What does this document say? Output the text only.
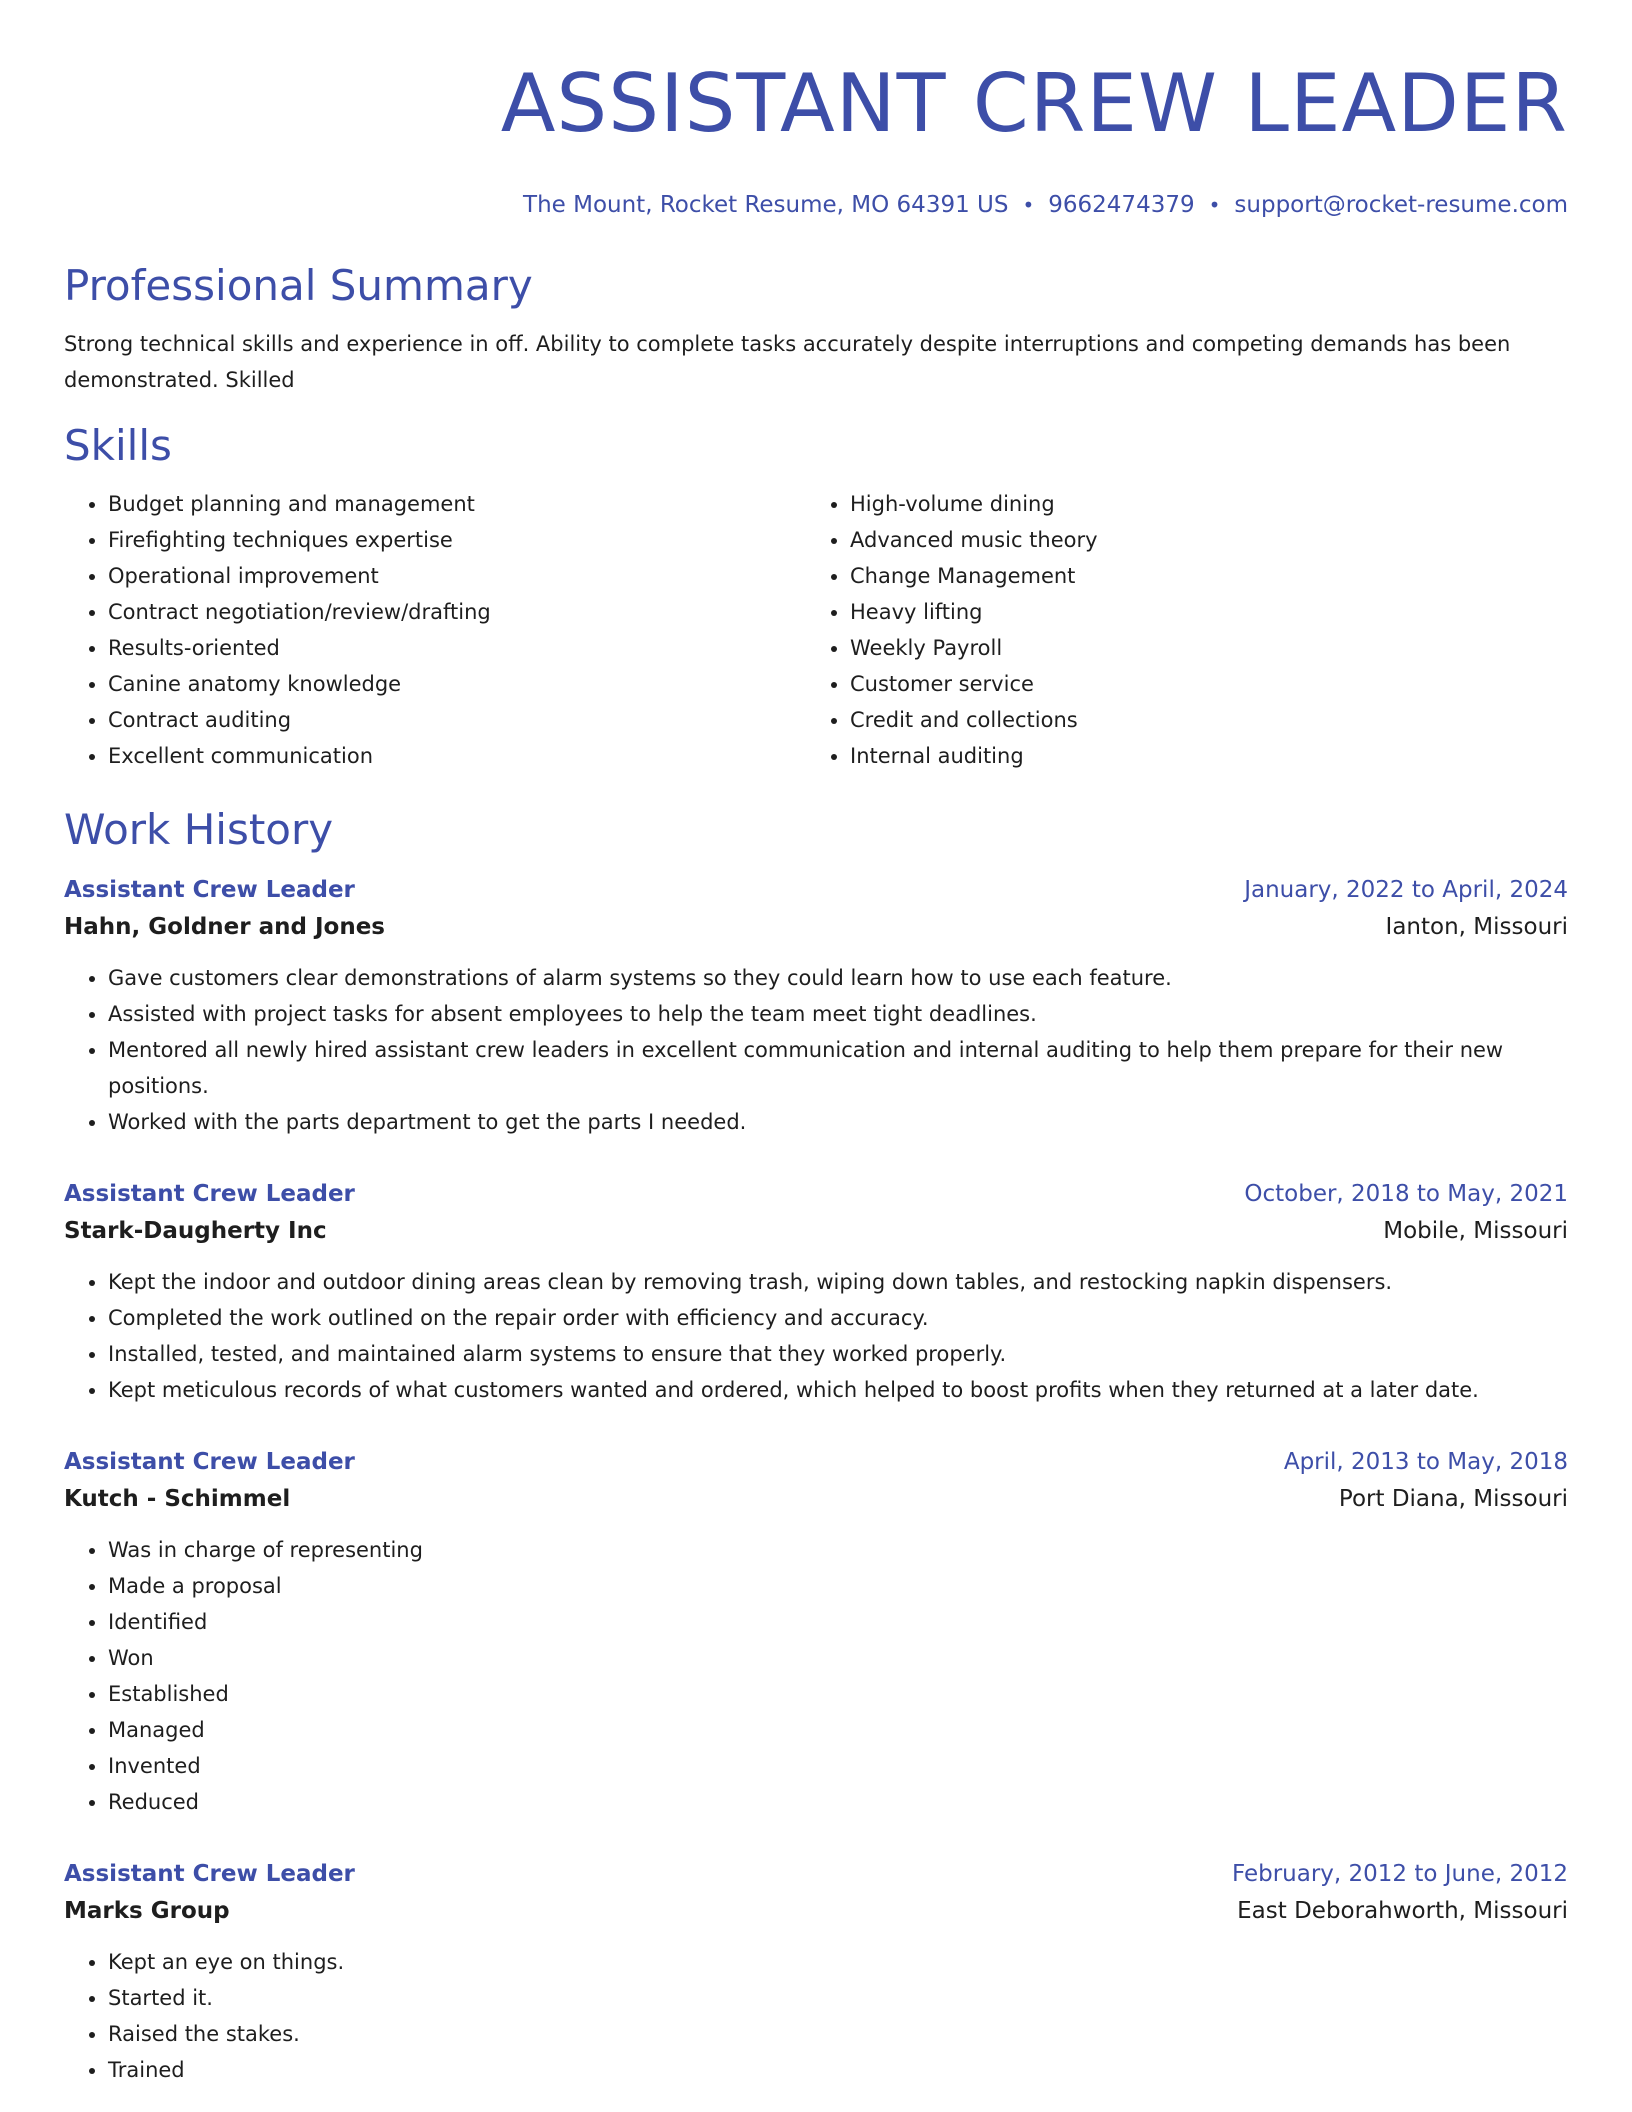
ASSISTANT CREW LEADER
The Mount, Rocket Resume, MO 64391 US • 9662474379 • support@rocket-resume.com
Professional Summary

Strong technical skills and experience in off. Ability to complete tasks accurately despite interruptions and competing demands has been demonstrated. Skilled

Skills
• Budget planning and management
• Firefighting techniques expertise
• Operational improvement
• Contract negotiation/review/drafting
• Results-oriented
• Canine anatomy knowledge
• Contract auditing
• Excellent communication
• High-volume dining
• Advanced music theory
• Change Management
• Heavy lifting
• Weekly Payroll
• Customer service
• Credit and collections
• Internal auditing
Work History
Assistant Crew Leader	January, 2022 to April, 2024
Hahn, Goldner and Jones	Ianton, Missouri
• Gave customers clear demonstrations of alarm systems so they could learn how to use each feature.
• Assisted with project tasks for absent employees to help the team meet tight deadlines.
• Mentored all newly hired assistant crew leaders in excellent communication and internal auditing to help them prepare for their new positions.
• Worked with the parts department to get the parts I needed.
Assistant Crew Leader	October, 2018 to May, 2021
Stark-Daugherty Inc	Mobile, Missouri
• Kept the indoor and outdoor dining areas clean by removing trash, wiping down tables, and restocking napkin dispensers.
• Completed the work outlined on the repair order with efficiency and accuracy.
• Installed, tested, and maintained alarm systems to ensure that they worked properly.
• Kept meticulous records of what customers wanted and ordered, which helped to boost profits when they returned at a later date.
Assistant Crew Leader	April, 2013 to May, 2018
Kutch - Schimmel	Port Diana, Missouri
• Was in charge of representing
• Made a proposal
• Identified
• Won
• Established
• Managed
• Invented
• Reduced
Assistant Crew Leader	February, 2012 to June, 2012
Marks Group	East Deborahworth, Missouri
• Kept an eye on things.
• Started it.
• Raised the stakes.
• Trained
